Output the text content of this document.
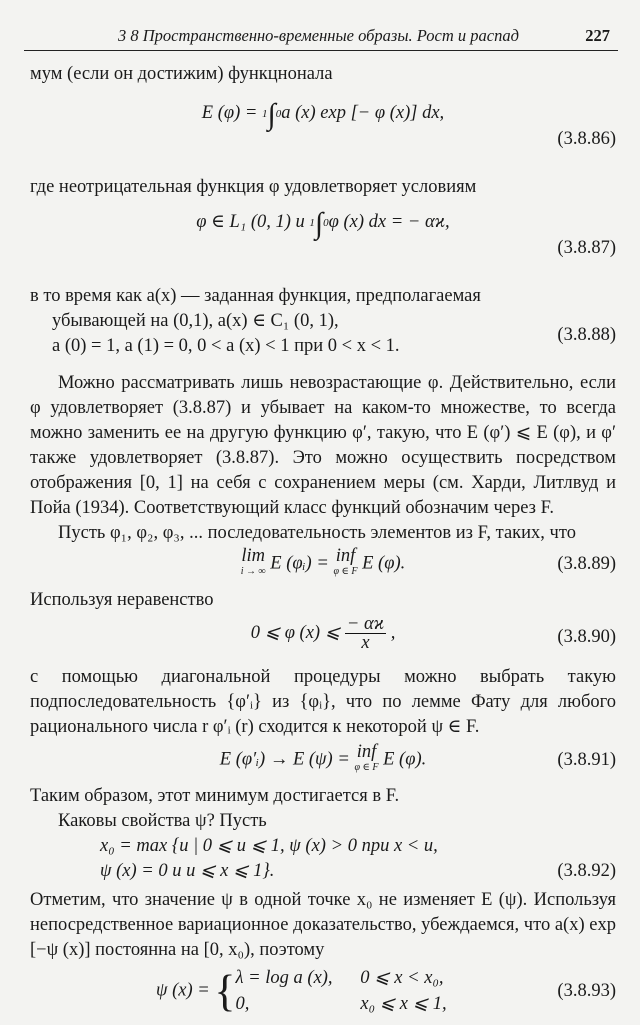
3 8 Пространственно-временные образы. Рост и распад	227

мум (если он достижим) функцнонала

E (φ) = 1∫0a (x) exp [− φ (x)] dx,
(3.8.86)

где неотрицательная функция φ удовлетворяет условиям

φ ∈ L₁ (0, 1) и 1∫0φ (x) dx = − αϰ,
(3.8.87)

в то время как a(x) — заданная функция, предполагаемая

убывающей на (0,1), a(x) ∈ C₁ (0, 1),
a (0) = 1, a (1) = 0, 0 < a (x) < 1 при 0 < x < 1.
(3.8.88)

Можно рассматривать лишь невозрастающие φ. Действительно, если φ удовлетворяет (3.8.87) и убывает на каком-то множестве, то всегда можно заменить ее на другую функцию φ′, такую, что E (φ′) ⩽ E (φ), и φ′ также удовлетворяет (3.8.87). Это можно осуществить посредством отображения [0, 1] на себя с сохранением меры (см. Харди, Литлвуд и Пойа (1934). Соответствующий класс функций обозначим через F.

Пусть φ₁, φ₂, φ₃, ... последовательность элементов из F, таких, что

lim
i → ∞ E (φᵢ) = inf
φ ∈ F E (φ).	(3.8.89)

Используя неравенство

0 ⩽ φ (x) ⩽ $\frac{- \alpha ϰ}{x}$ ,	(3.8.90)

с помощью диагональной процедуры можно выбрать такую подпоследовательность {φ′ᵢ} из {φᵢ}, что по лемме Фату для любого рационального числа r φ′ᵢ (r) сходится к некоторой ψ ∈ F.

E (φ′ᵢ) → E (ψ) = inf
φ ∈ F E (φ).	(3.8.91)

Таким образом, этот минимум достигается в F.

Каковы свойства ψ? Пусть

x₀ = max {u | 0 ⩽ u ⩽ 1, ψ (x) > 0 при x < u,
ψ (x) = 0 и u ⩽ x ⩽ 1}.	(3.8.92)

Отметим, что значение ψ в одной точке x₀ не изменяет E (ψ). Используя непосредственное вариационное доказательство, убеждаемся, что a(x) exp [−ψ (x)] постоянна на [0, x₀), поэтому

ψ (x) = { λ = log a (x),      0 ⩽ x < x₀,
0,                        x₀ ⩽ x ⩽ 1,
(3.8.93)
